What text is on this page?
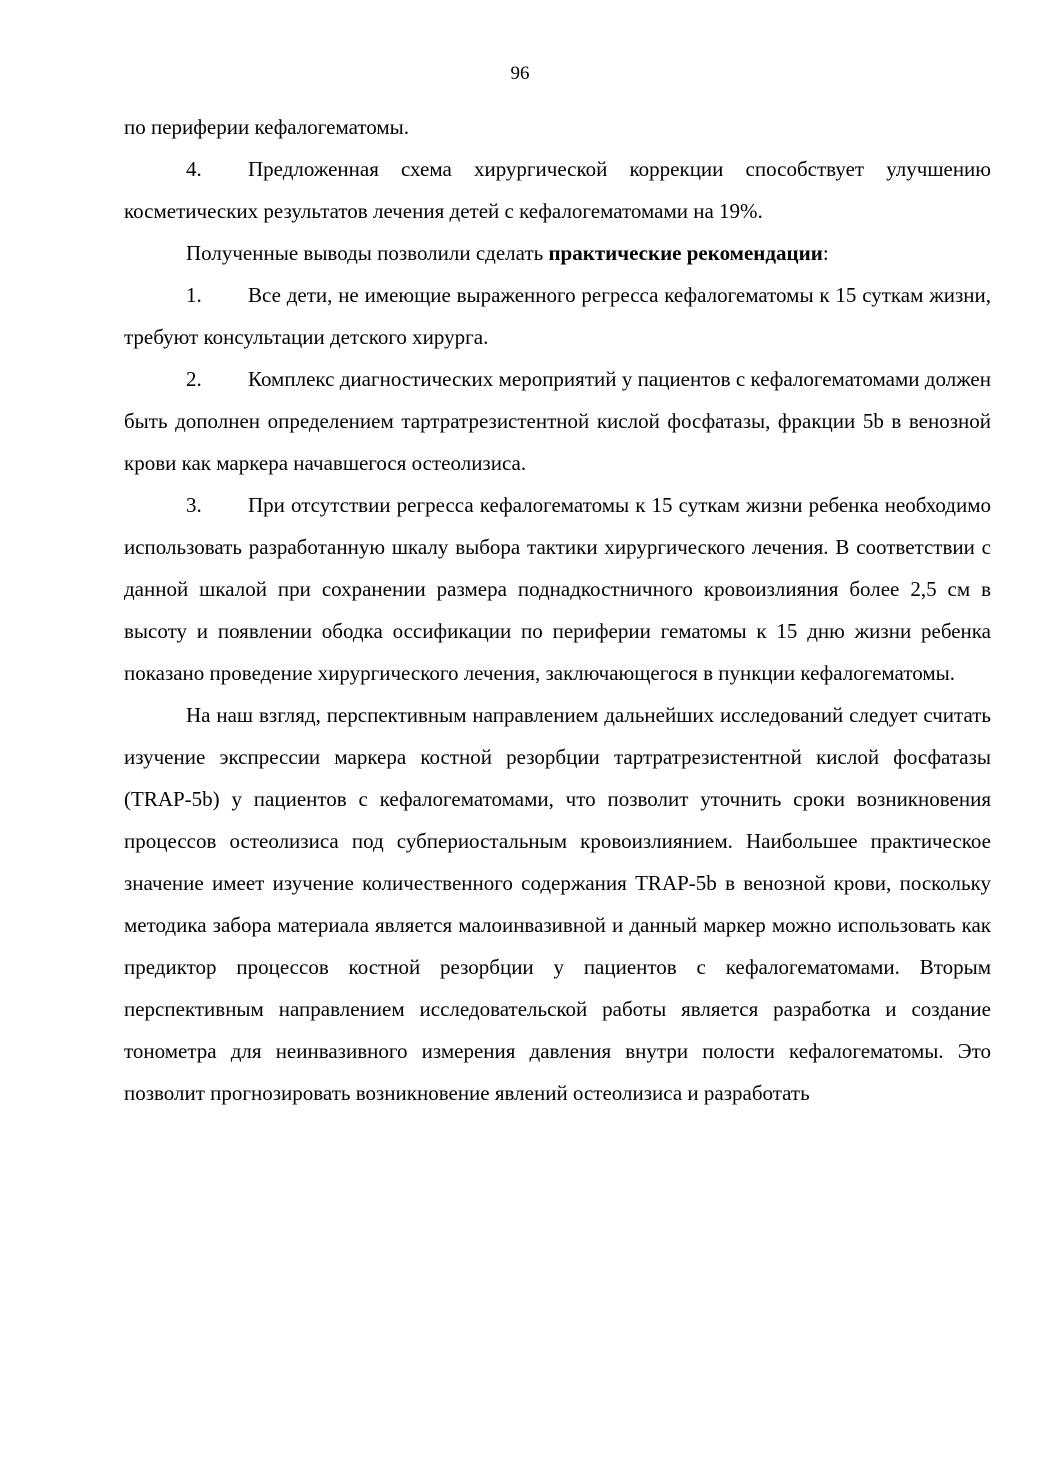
96

по периферии кефалогематомы.

4. Предложенная схема хирургической коррекции способствует улучшению косметических результатов лечения детей с кефалогематомами на 19%.

Полученные выводы позволили сделать практические рекомендации:

1. Все дети, не имеющие выраженного регресса кефалогематомы к 15 суткам жизни, требуют консультации детского хирурга.

2. Комплекс диагностических мероприятий у пациентов с кефалогематомами должен быть дополнен определением тартратрезистентной кислой фосфатазы, фракции 5b в венозной крови как маркера начавшегося остеолизиса.

3. При отсутствии регресса кефалогематомы к 15 суткам жизни ребенка необходимо использовать разработанную шкалу выбора тактики хирургического лечения. В соответствии с данной шкалой при сохранении размера поднадкостничного кровоизлияния более 2,5 см в высоту и появлении ободка оссификации по периферии гематомы к 15 дню жизни ребенка показано проведение хирургического лечения, заключающегося в пункции кефалогематомы.

На наш взгляд, перспективным направлением дальнейших исследований следует считать изучение экспрессии маркера костной резорбции тартратрезистентной кислой фосфатазы (TRAP-5b) у пациентов с кефалогематомами, что позволит уточнить сроки возникновения процессов остеолизиса под субпериостальным кровоизлиянием. Наибольшее практическое значение имеет изучение количественного содержания TRAP-5b в венозной крови, поскольку методика забора материала является малоинвазивной и данный маркер можно использовать как предиктор процессов костной резорбции у пациентов с кефалогематомами. Вторым перспективным направлением исследовательской работы является разработка и создание тонометра для неинвазивного измерения давления внутри полости кефалогематомы. Это позволит прогнозировать возникновение явлений остеолизиса и разработать
